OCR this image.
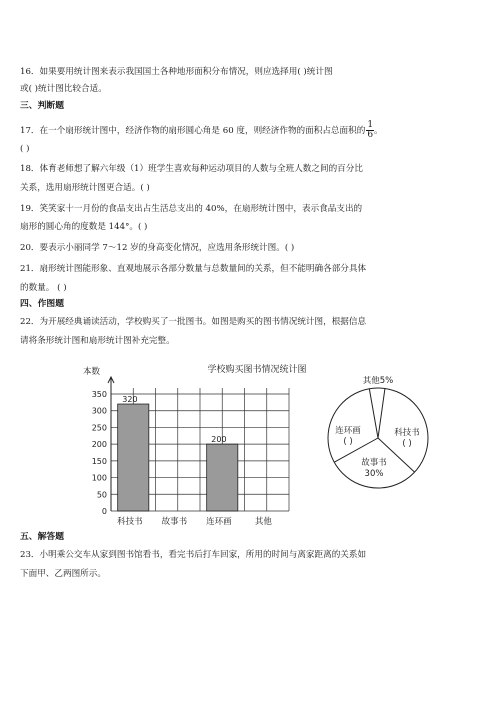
16．如果要用统计图来表示我国国土各种地形面积分布情况，则应选择用( )统计图
或( )统计图比较合适。
三、判断题
17．在一个扇形统计图中，经济作物的扇形圆心角是 60 度，则经济作物的面积占总面积的 $\frac{1}{6}$ 。
( )
18．体育老师想了解六年级（1）班学生喜欢每种运动项目的人数与全班人数之间的百分比
关系，选用扇形统计图更合适。( )
19．笑笑家十一月份的食品支出占生活总支出的 40%，在扇形统计图中，表示食品支出的
扇形的圆心角的度数是 144°。( )
20．要表示小丽同学 7～12 岁的身高变化情况，应选用条形统计图。( )
21．扇形统计图能形象、直观地展示各部分数量与总数量间的关系，但不能明确各部分具体
的数量。 ( )
四、作图题
22．为开展经典诵读活动，学校购买了一批图书。如图是购买的图书情况统计图，根据信息
请将条形统计图和扇形统计图补充完整。
学校购买图书情况统计图
本数
0
50
100
150
200
250
300
350
320
200
科技书 故事书 连环画	其他
其他5%
科技书
( )
故事书
30%
连环画
( )
五、解答题
23．小明乘公交车从家到图书馆看书，看完书后打车回家，所用的时间与离家距离的关系如
下面甲、乙两图所示。
